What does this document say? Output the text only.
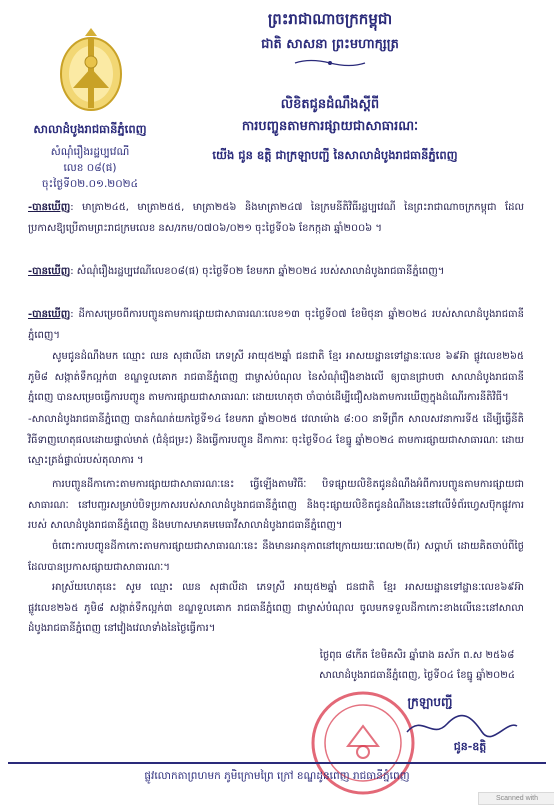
ព្រះរាជាណាចក្រកម្ពុជា
ជាតិ សាសនា ព្រះមហាក្សត្រ
សាលាដំបូងរាជធានីភ្នំពេញ
សំណុំរឿងរដ្ឋប្បវេណី
លេខ ០៨(ផ)
ចុះថ្ងៃទី០២.០១.២០២៤
លិខិតជូនដំណឹងស្តីពី
ការបញ្ចូនតាមការផ្សាយជាសាធារណៈ
យើង ជូន ឧត្តិ ជាក្រឡាបញ្ជី នៃសាលាដំបូងរាជធានីភ្នំពេញ
-បានឃើញ: មាត្រា២៤៥, មាត្រា២៥៥, មាត្រា២៥៦ និងមាត្រា២៤៧ នៃក្រមនីតិវិធីរដ្ឋប្បវេណី នៃព្រះរាជាណាចក្រកម្ពុជា ដែលប្រកាសឱ្យប្រើតាមព្រះរាជក្រមលេខ នស/រកម/០៧០៦/០២១ ចុះថ្ងៃទី០៦ ខែកក្កដា ឆ្នាំ២០០៦ ។
-បានឃើញ: សំណុំរឿងរដ្ឋប្បវេណីលេខ០៨(ផ) ចុះថ្ងៃទី០២ ខែមករា ឆ្នាំ២០២៤ របស់សាលាដំបូងរាជធានីភ្នំពេញ។
-បានឃើញ: ដីកាសម្រេចពីការបញ្ចូនតាមការផ្សាយជាសាធារណៈលេខ១៣ ចុះថ្ងៃទី០៧ ខែមិថុនា ឆ្នាំ២០២៤ របស់សាលាដំបូងរាជធានីភ្នំពេញ។
សូមជូនដំណឹងមក ឈ្មោះ ឈន សុផាលីដា ភេទស្រី អាយុ៥២ឆ្នាំ ជនជាតិ ខ្មែរ អាសយដ្ឋានទៅដ្ឋានៈលេខ ៦៩អ៊ា ផ្លូវលេខ២៦៥ ភូមិ៨ សង្កាត់ទឹកល្អក់៣ ខណ្ឌទួលគោក រាជធានីភ្នំពេញ ជាម្ចាស់បំណុល នៃសំណុំរឿងខាងលើ ឲ្យបានជ្រាបថា សាលាដំបូងរាជធានីភ្នំពេញ បានសម្រេចធ្វើការបញ្ចូន តាមការផ្សាយជាសាធារណៈ ដោយហេតុថា ចាំបាច់ដើម្បីជឿសងតាមការឃើញក្នុងដំណើរការនីតិវិធី។
-សាលាដំបូងរាជធានីភ្នំពេញ បានកំណត់យកថ្ងៃទី១៤ ខែមករា ឆ្នាំ២០២៥ វេលាម៉ោង ៨:០០ នាទីព្រឹក សាលសវនាការទី៥ ដើម្បីធ្វើនីតិវិធីទាញហេតុផលដោយផ្ទាល់មាត់ (ជំនុំជម្រះ) និងធ្វើការបញ្ចូន ដីកាការៈ ចុះថ្ងៃទី០៤ ខែធ្នូ ឆ្នាំ២០២៤ តាមការផ្សាយជាសាធារណៈ ដោយស្មោះត្រង់ផ្ទាល់របស់តុលាការ ។
ការបញ្ចូនដីកាកោះតាមការផ្សាយជាសាធារណៈនេះ ធ្វើឡើងតាមវិធីៈ បិទផ្សាយលិខិតជូនដំណឹងអំពីការបញ្ចូនតាមការផ្សាយជាសាធារណៈ នៅបញ្ជរសម្រាប់បិទប្រកាសរបស់សាលាដំបូងរាជធានីភ្នំពេញ និងចុះផ្សាយលិខិតជូនដំណឹងនេះនៅលើទំព័រហ្វេសប៊ុកផ្លូវការរបស់ សាលាដំបូងរាជធានីភ្នំពេញ និងមហាសមាគមមេធាវីសាលាដំបូងរាជធានីភ្នំពេញ។
ចំពោះការបញ្ចូនដីកាកោះតាមការផ្សាយជាសាធារណៈនេះ នឹងមានអានុភាពនៅក្រោយរយៈពេល២(ពីរ) សប្តាហ៍ ដោយគិតចាប់ពីថ្ងៃដែលបានប្រកាសផ្សាយជាសាធារណៈ។
អាស្រ័យហេតុនេះ សូម ឈ្មោះ ឈន សុផាលីដា ភេទស្រី អាយុ៥២ឆ្នាំ ជនជាតិ ខ្មែរ អាសយដ្ឋានទៅដ្ឋានៈលេខ៦៩អ៊ា ផ្លូវលេខ២៦៥ ភូមិ៨ សង្កាត់ទឹកល្អក់៣ ខណ្ឌទួលគោក រាជធានីភ្នំពេញ ជាម្ចាស់បំណុល ចូលមកទទួលដីកាកោះខាងលើនេះនៅសាលាដំបូងរាជធានីភ្នំពេញ នៅវៀងវេលាទាំងនៃថ្ងៃធ្វើការ។
ថ្ងៃពុធ ៨កើត ខែមិគសិរ ឆ្នាំរោង ឆស័ក ព.ស ២៥៦៨
សាលាដំបូងរាជធានីភ្នំពេញ, ថ្ងៃទី០៤ ខែធ្នូ ឆ្នាំ២០២៤
ក្រឡាបញ្ជី
ជូន-ឧត្តិ
ផ្លូវលោកតាព្រហមក ភូមិក្រោមព្រៃ ក្រៅ ខណ្ឌដូនពេញ រាជធានីភ្នំពេញ
Scanned with
